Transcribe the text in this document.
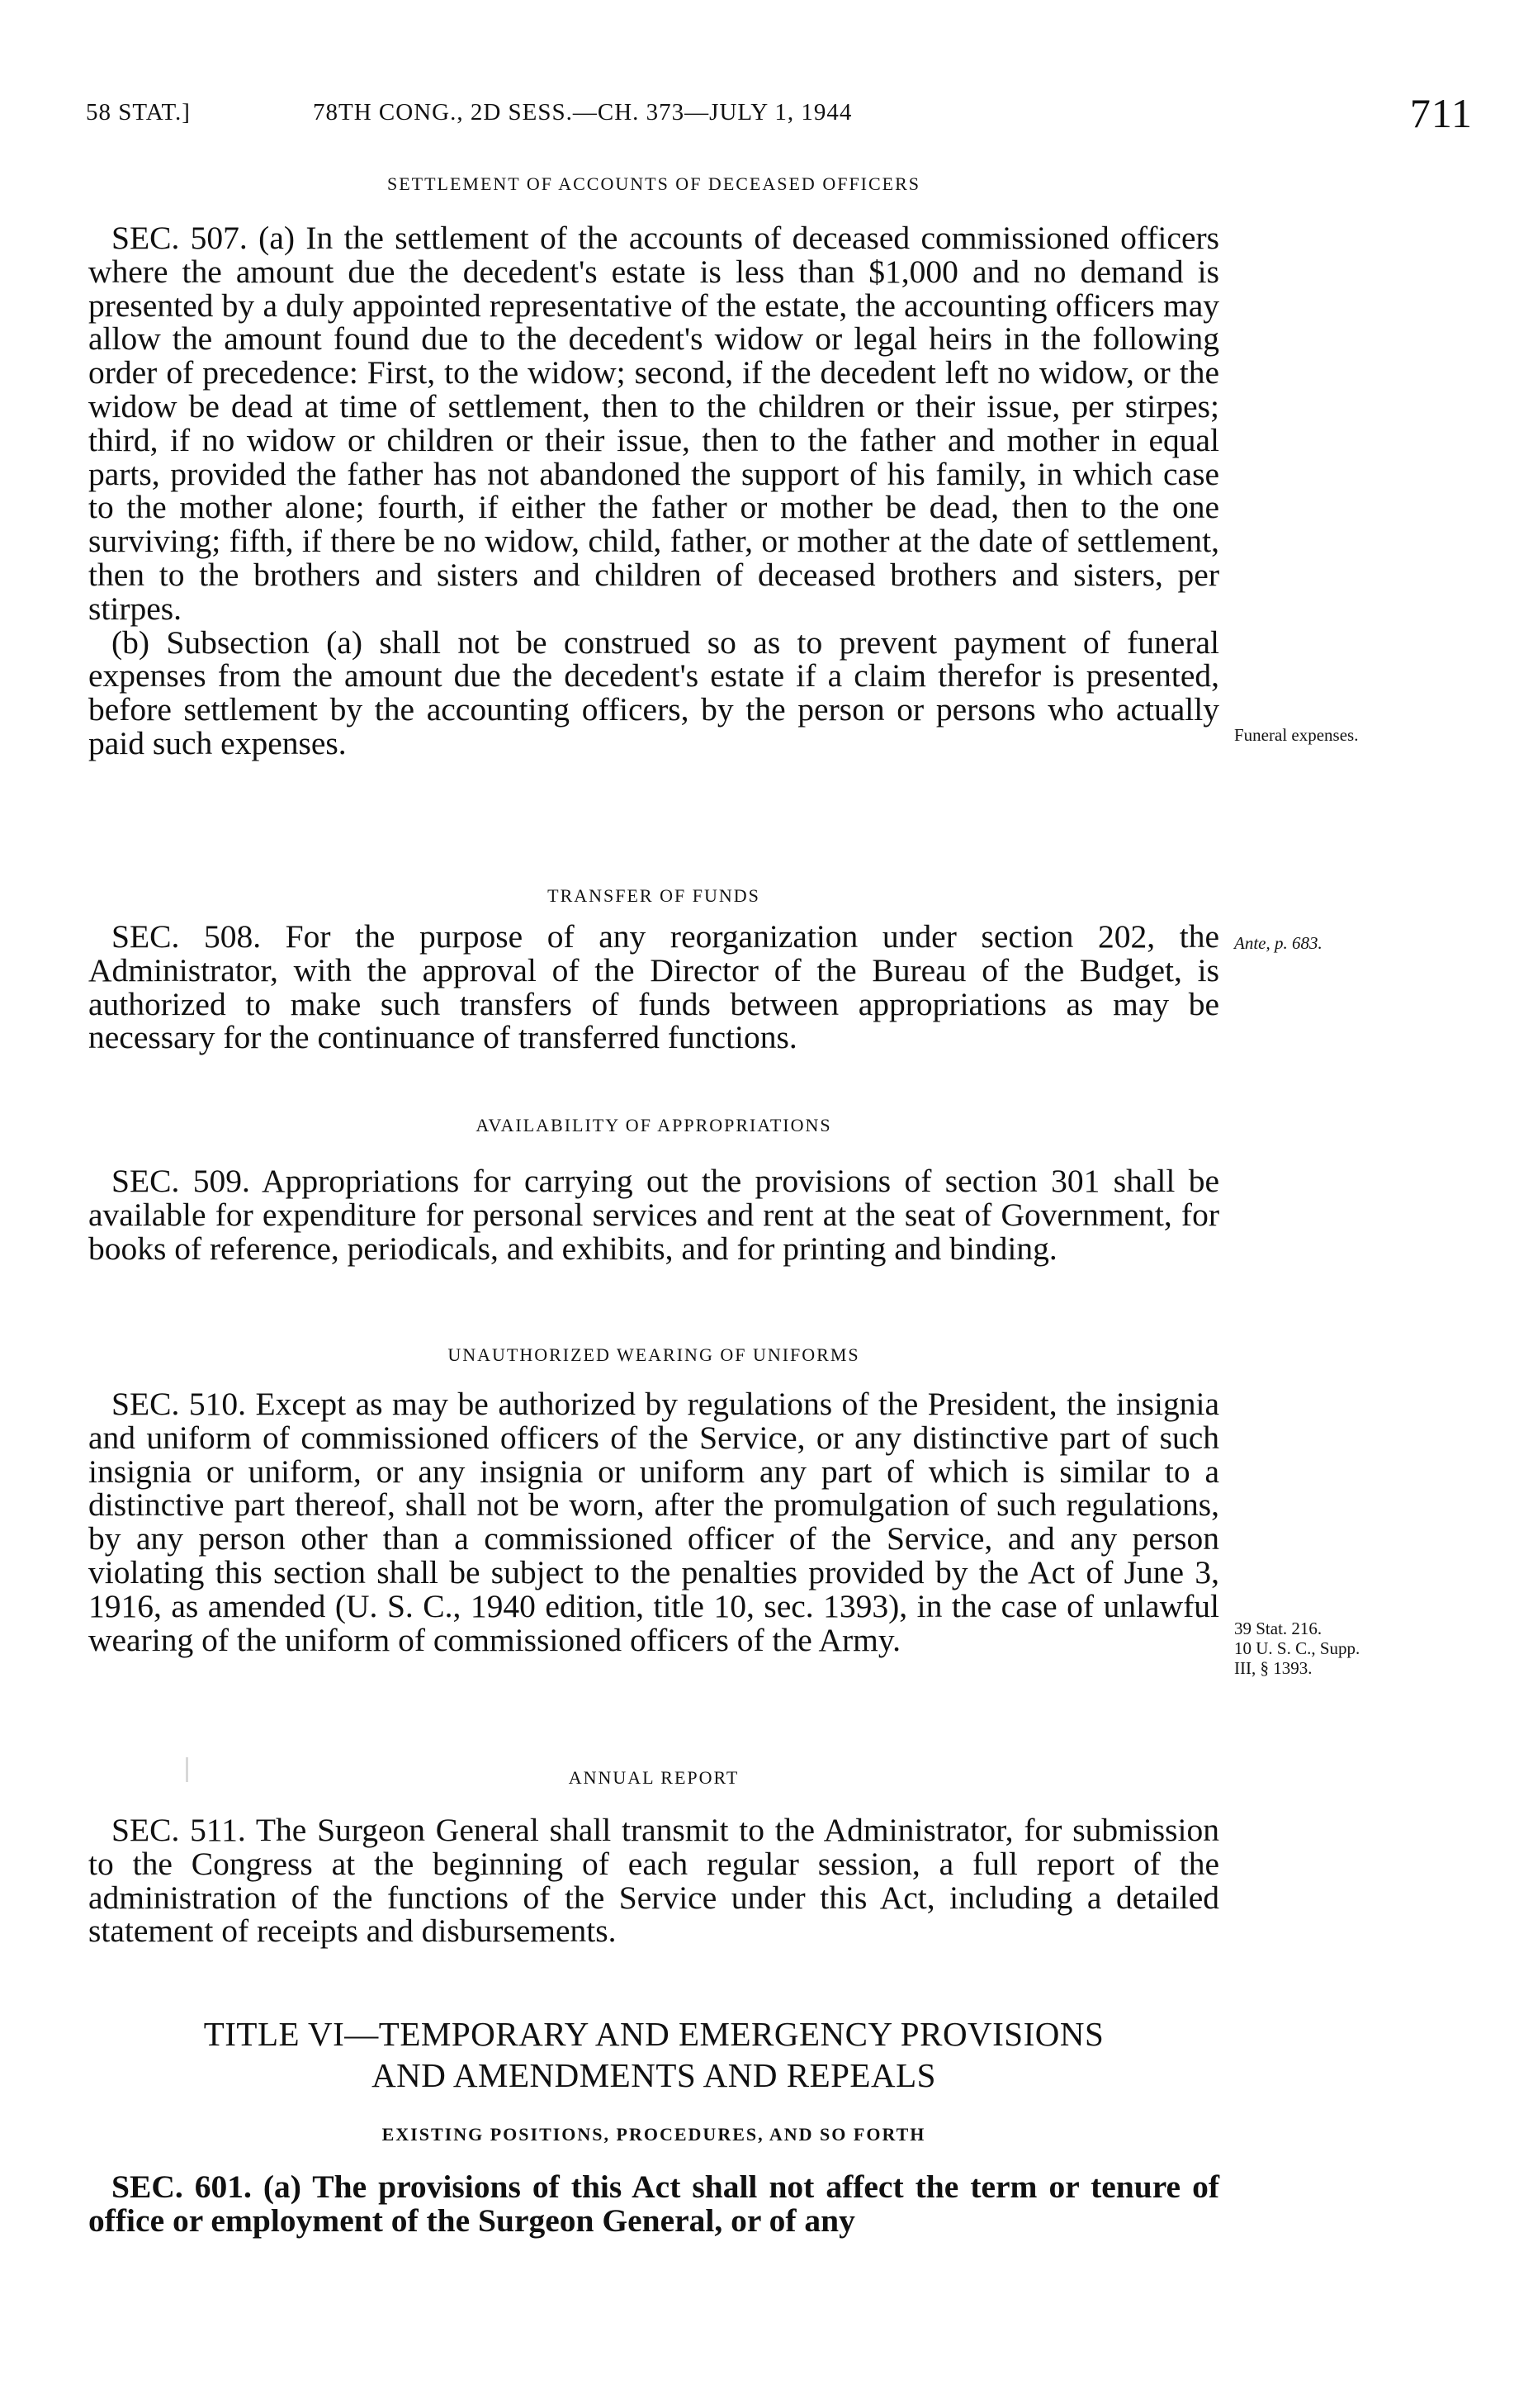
58 STAT.]	78TH CONG., 2D SESS.—CH. 373—JULY 1, 1944	711
SETTLEMENT OF ACCOUNTS OF DECEASED OFFICERS

SEC. 507. (a) In the settlement of the accounts of deceased commissioned officers where the amount due the decedent's estate is less than $1,000 and no demand is presented by a duly appointed representative of the estate, the accounting officers may allow the amount found due to the decedent's widow or legal heirs in the following order of precedence: First, to the widow; second, if the decedent left no widow, or the widow be dead at time of settlement, then to the children or their issue, per stirpes; third, if no widow or children or their issue, then to the father and mother in equal parts, provided the father has not abandoned the support of his family, in which case to the mother alone; fourth, if either the father or mother be dead, then to the one surviving; fifth, if there be no widow, child, father, or mother at the date of settlement, then to the brothers and sisters and children of deceased brothers and sisters, per stirpes.

(b) Subsection (a) shall not be construed so as to prevent payment of funeral expenses from the amount due the decedent's estate if a claim therefor is presented, before settlement by the accounting officers, by the person or persons who actually paid such expenses.

TRANSFER OF FUNDS

SEC. 508. For the purpose of any reorganization under section 202, the Administrator, with the approval of the Director of the Bureau of the Budget, is authorized to make such transfers of funds between appropriations as may be necessary for the continuance of transferred functions.

AVAILABILITY OF APPROPRIATIONS

SEC. 509. Appropriations for carrying out the provisions of section 301 shall be available for expenditure for personal services and rent at the seat of Government, for books of reference, periodicals, and exhibits, and for printing and binding.

UNAUTHORIZED WEARING OF UNIFORMS

SEC. 510. Except as may be authorized by regulations of the President, the insignia and uniform of commissioned officers of the Service, or any distinctive part of such insignia or uniform, or any insignia or uniform any part of which is similar to a distinctive part thereof, shall not be worn, after the promulgation of such regulations, by any person other than a commissioned officer of the Service, and any person violating this section shall be subject to the penalties provided by the Act of June 3, 1916, as amended (U. S. C., 1940 edition, title 10, sec. 1393), in the case of unlawful wearing of the uniform of commissioned officers of the Army.

ANNUAL REPORT

SEC. 511. The Surgeon General shall transmit to the Administrator, for submission to the Congress at the beginning of each regular session, a full report of the administration of the functions of the Service under this Act, including a detailed statement of receipts and disbursements.

TITLE VI—TEMPORARY AND EMERGENCY PROVISIONS
AND AMENDMENTS AND REPEALS
EXISTING POSITIONS, PROCEDURES, AND SO FORTH

SEC. 601. (a) The provisions of this Act shall not affect the term or tenure of office or employment of the Surgeon General, or of any

Funeral expenses.
Ante, p. 683.
39 Stat. 216.
10 U. S. C., Supp.
III, § 1393.
